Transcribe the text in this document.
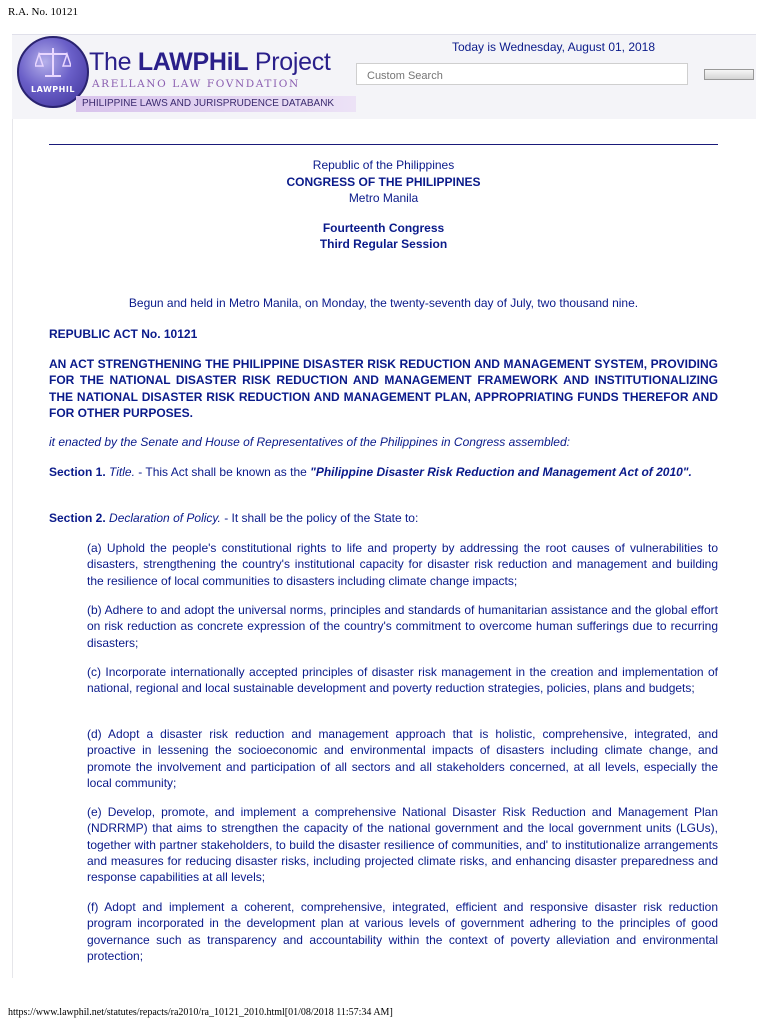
R.A. No. 10121
LAWPHIL
The LAWPHiL Project
ARELLANO LAW FOVNDATION
PHILIPPINE LAWS AND JURISPRUDENCE DATABANK
Today is Wednesday, August 01, 2018
Custom Search
Republic of the Philippines
CONGRESS OF THE PHILIPPINES
Metro Manila
Fourteenth Congress
Third Regular Session
Begun and held in Metro Manila, on Monday, the twenty-seventh day of July, two thousand nine.
REPUBLIC ACT No. 10121
AN ACT STRENGTHENING THE PHILIPPINE DISASTER RISK REDUCTION AND MANAGEMENT SYSTEM, PROVIDING FOR THE NATIONAL DISASTER RISK REDUCTION AND MANAGEMENT FRAMEWORK AND INSTITUTIONALIZING THE NATIONAL DISASTER RISK REDUCTION AND MANAGEMENT PLAN, APPROPRIATING FUNDS THEREFOR AND FOR OTHER PURPOSES.
it enacted by the Senate and House of Representatives of the Philippines in Congress assembled:
Section 1. Title. - This Act shall be known as the "Philippine Disaster Risk Reduction and Management Act of 2010".
Section 2. Declaration of Policy. - It shall be the policy of the State to:
(a) Uphold the people's constitutional rights to life and property by addressing the root causes of vulnerabilities to disasters, strengthening the country's institutional capacity for disaster risk reduction and management and building the resilience of local communities to disasters including climate change impacts;
(b) Adhere to and adopt the universal norms, principles and standards of humanitarian assistance and the global effort on risk reduction as concrete expression of the country's commitment to overcome human sufferings due to recurring disasters;
(c) Incorporate internationally accepted principles of disaster risk management in the creation and implementation of national, regional and local sustainable development and poverty reduction strategies, policies, plans and budgets;
(d) Adopt a disaster risk reduction and management approach that is holistic, comprehensive, integrated, and proactive in lessening the socioeconomic and environmental impacts of disasters including climate change, and promote the involvement and participation of all sectors and all stakeholders concerned, at all levels, especially the local community;
(e) Develop, promote, and implement a comprehensive National Disaster Risk Reduction and Management Plan (NDRRMP) that aims to strengthen the capacity of the national government and the local government units (LGUs), together with partner stakeholders, to build the disaster resilience of communities, and' to institutionalize arrangements and measures for reducing disaster risks, including projected climate risks, and enhancing disaster preparedness and response capabilities at all levels;
(f) Adopt and implement a coherent, comprehensive, integrated, efficient and responsive disaster risk reduction program incorporated in the development plan at various levels of government adhering to the principles of good governance such as transparency and accountability within the context of poverty alleviation and environmental protection;
https://www.lawphil.net/statutes/repacts/ra2010/ra_10121_2010.html[01/08/2018 11:57:34 AM]
